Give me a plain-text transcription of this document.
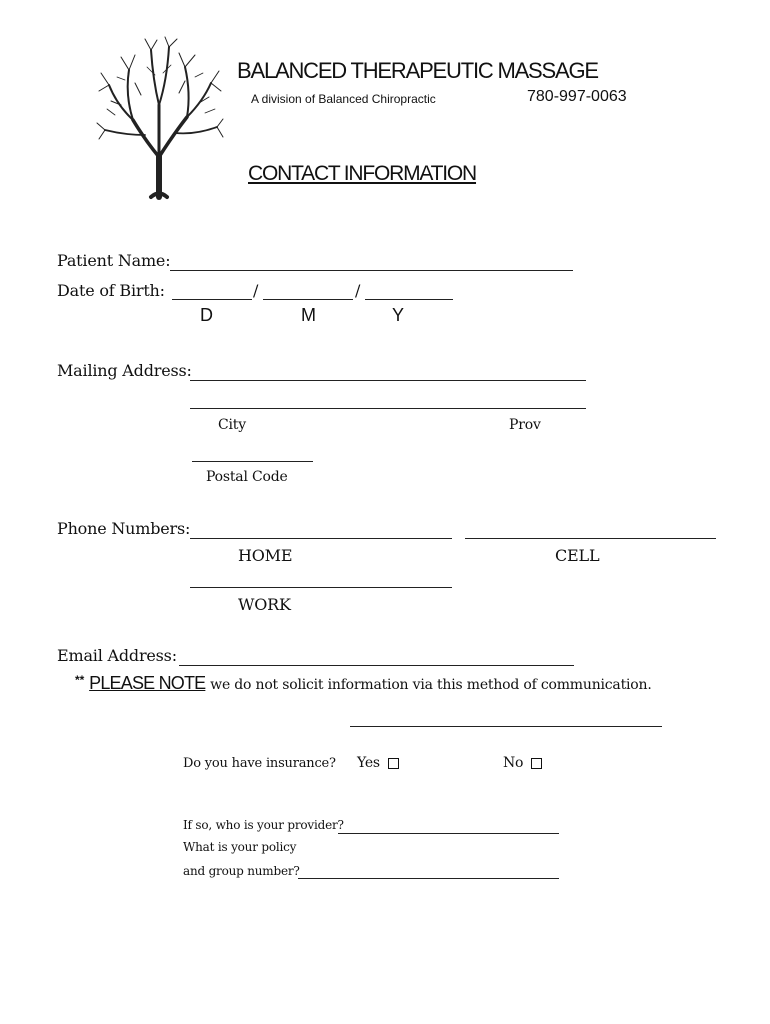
BALANCED THERAPEUTIC MASSAGE
A division of Balanced Chiropractic	780-997-0063
CONTACT INFORMATION
Patient Name:
Date of Birth:	/	/
D	M	Y
Mailing Address:
City	Prov
Postal Code
Phone Numbers:
HOME	CELL
WORK
Email Address:
** PLEASE NOTE we do not solicit information via this method of communication.
Do you have insurance? Yes	No
If so, who is your provider?
What is your policy
and group number?
